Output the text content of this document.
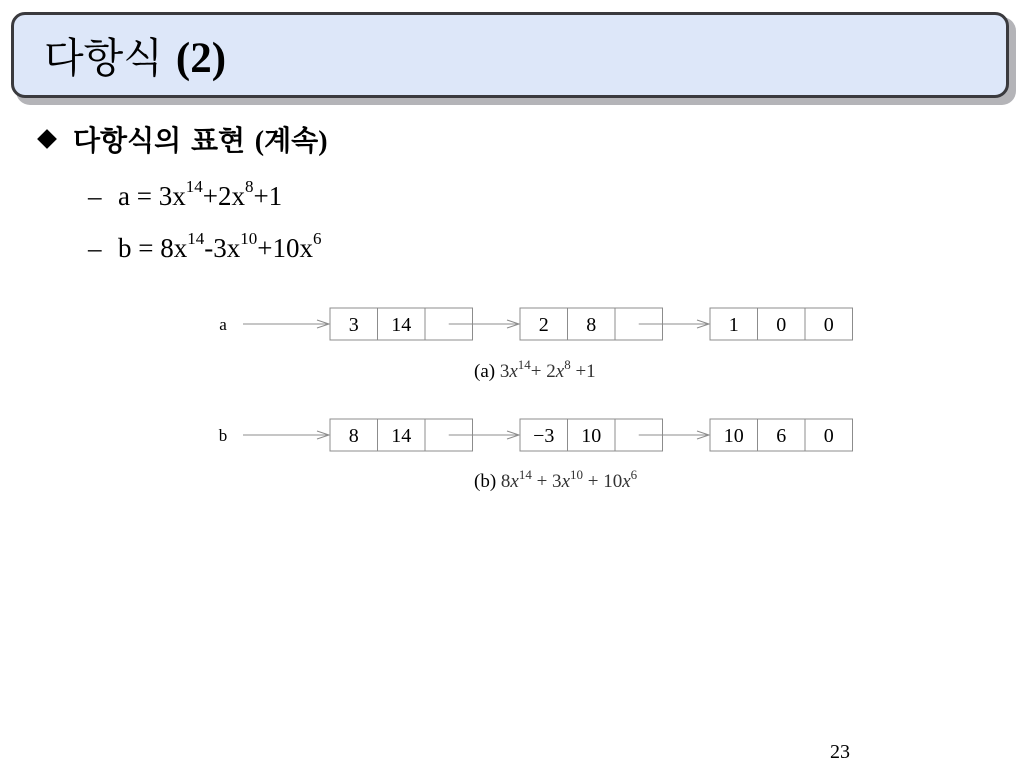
다항식 (2)
다항식의 표현 (계속)
– $a = 3x^{14}+2x^8+1$
– $b = 8x^{14}-3x^{10}+10x^6$
a	3 14	2 8	1 0 0
(a) $3x^{14}+ 2x^8 +1$
b	8 14	−3 10	10 6 0
(b) $8x^{14} + 3x^{10} + 10x^6$
23
